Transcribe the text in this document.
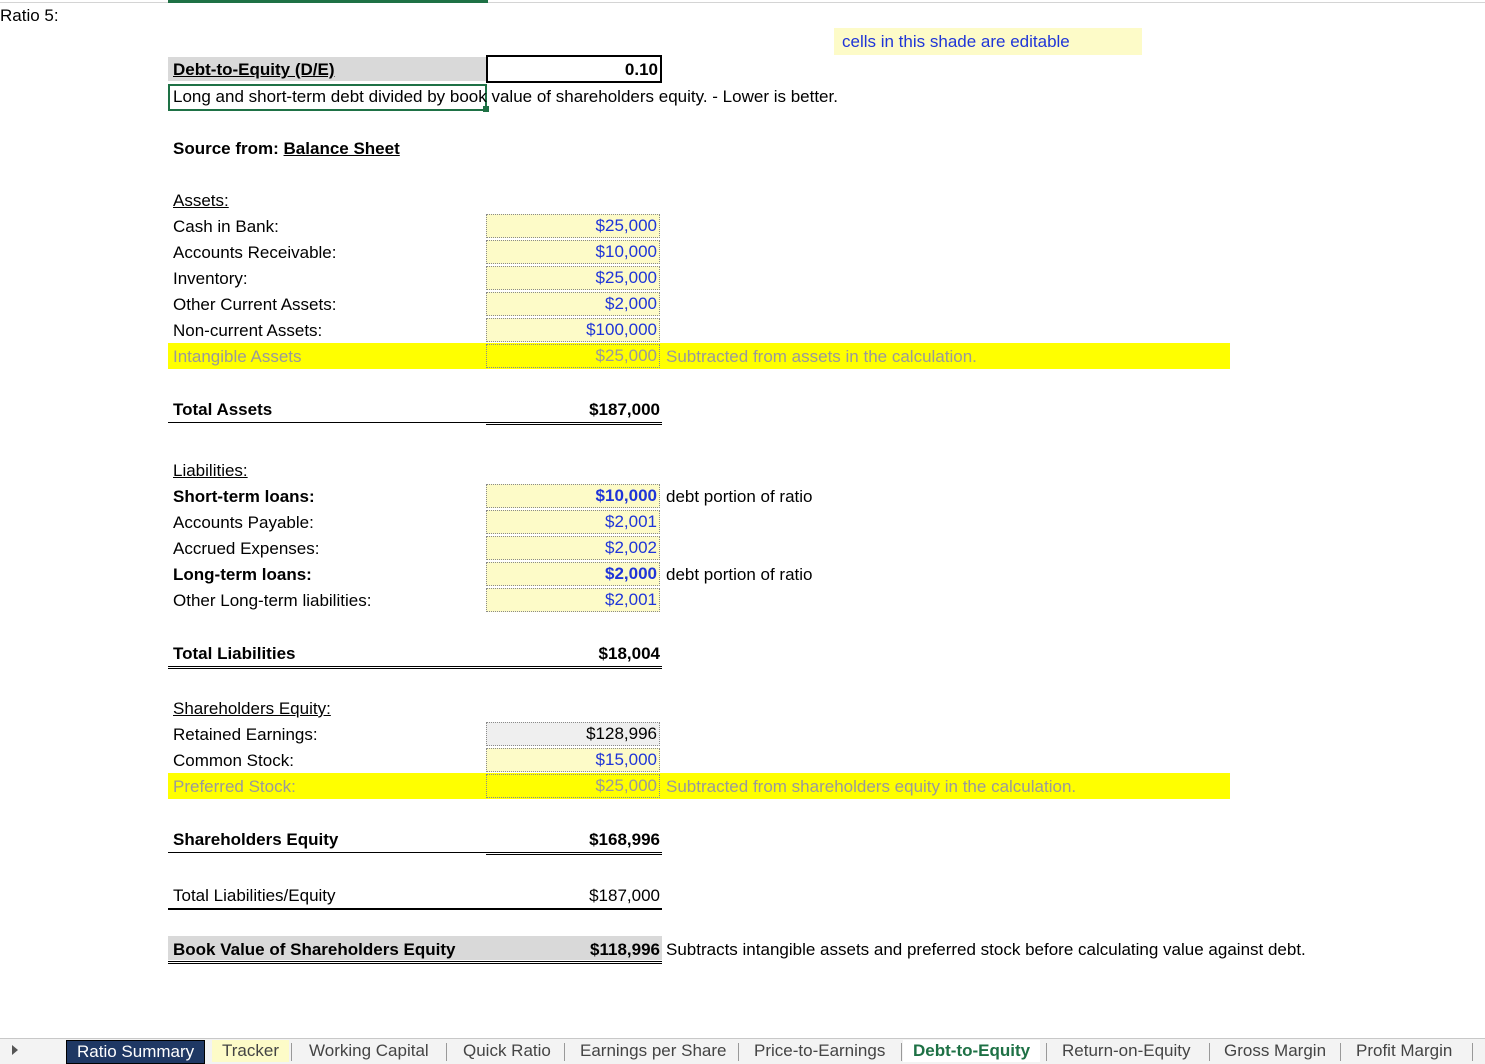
Ratio 5:
cells in this shade are editable
Debt-to-Equity (D/E)	0.10
Long and short-term debt divided by book value of shareholders equity. - Lower is better.
Source from: Balance Sheet
Assets:
Cash in Bank:	$25,000
Accounts Receivable:	$10,000
Inventory:	$25,000
Other Current Assets:	$2,000
Non-current Assets:	$100,000
Intangible Assets	$25,000 Subtracted from assets in the calculation.
Total Assets	$187,000
Liabilities:
Short-term loans:	$10,000 debt portion of ratio
Accounts Payable:	$2,001
Accrued Expenses:	$2,002
Long-term loans:	$2,000 debt portion of ratio
Other Long-term liabilities:	$2,001
Total Liabilities	$18,004
Shareholders Equity:
Retained Earnings:	$128,996
Common Stock:	$15,000
Preferred Stock:	$25,000 Subtracted from shareholders equity in the calculation.
Shareholders Equity	$168,996
Total Liabilities/Equity	$187,000
Book Value of Shareholders Equity	$118,996 Subtracts intangible assets and preferred stock before calculating value against debt.
Ratio Summary	Tracker	Working Capital	Quick Ratio	Earnings per Share	Price-to-Earnings	Debt-to-Equity	Return-on-Equity	Gross Margin	Profit Margin
